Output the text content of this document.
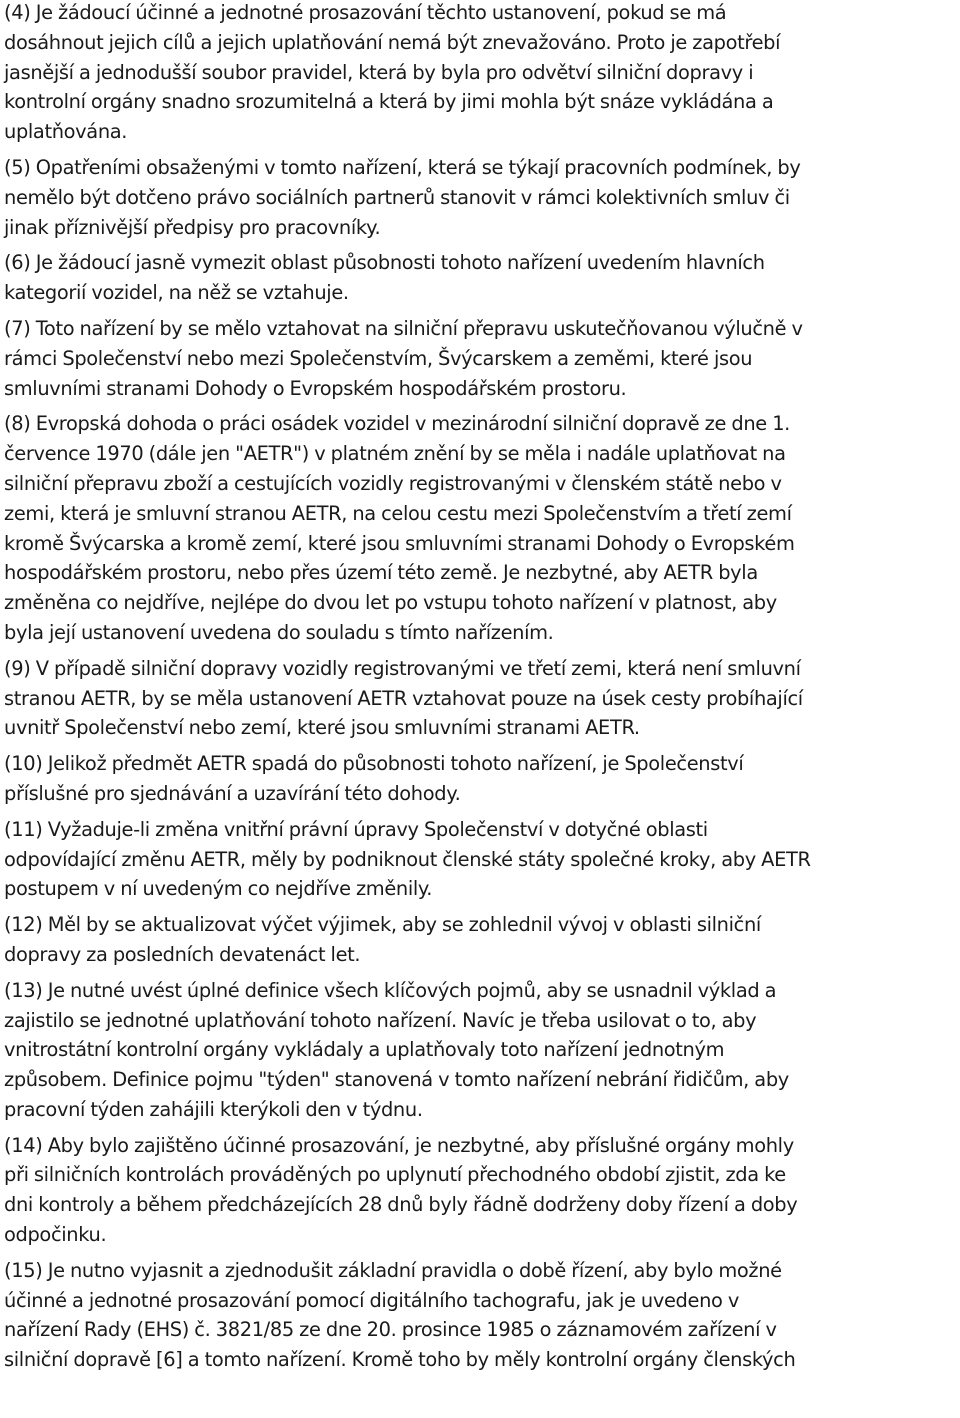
(4) Je žádoucí účinné a jednotné prosazování těchto ustanovení, pokud se má
dosáhnout jejich cílů a jejich uplatňování nemá být znevažováno. Proto je zapotřebí
jasnější a jednodušší soubor pravidel, která by byla pro odvětví silniční dopravy i
kontrolní orgány snadno srozumitelná a která by jimi mohla být snáze vykládána a
uplatňována.

(5) Opatřeními obsaženými v tomto nařízení, která se týkají pracovních podmínek, by
nemělo být dotčeno právo sociálních partnerů stanovit v rámci kolektivních smluv či
jinak příznivější předpisy pro pracovníky.

(6) Je žádoucí jasně vymezit oblast působnosti tohoto nařízení uvedením hlavních
kategorií vozidel, na něž se vztahuje.

(7) Toto nařízení by se mělo vztahovat na silniční přepravu uskutečňovanou výlučně v
rámci Společenství nebo mezi Společenstvím, Švýcarskem a zeměmi, které jsou
smluvními stranami Dohody o Evropském hospodářském prostoru.

(8) Evropská dohoda o práci osádek vozidel v mezinárodní silniční dopravě ze dne 1.
července 1970 (dále jen "AETR") v platném znění by se měla i nadále uplatňovat na
silniční přepravu zboží a cestujících vozidly registrovanými v členském státě nebo v
zemi, která je smluvní stranou AETR, na celou cestu mezi Společenstvím a třetí zemí
kromě Švýcarska a kromě zemí, které jsou smluvními stranami Dohody o Evropském
hospodářském prostoru, nebo přes území této země. Je nezbytné, aby AETR byla
změněna co nejdříve, nejlépe do dvou let po vstupu tohoto nařízení v platnost, aby
byla její ustanovení uvedena do souladu s tímto nařízením.

(9) V případě silniční dopravy vozidly registrovanými ve třetí zemi, která není smluvní
stranou AETR, by se měla ustanovení AETR vztahovat pouze na úsek cesty probíhající
uvnitř Společenství nebo zemí, které jsou smluvními stranami AETR.

(10) Jelikož předmět AETR spadá do působnosti tohoto nařízení, je Společenství
příslušné pro sjednávání a uzavírání této dohody.

(11) Vyžaduje-li změna vnitřní právní úpravy Společenství v dotyčné oblasti
odpovídající změnu AETR, měly by podniknout členské státy společné kroky, aby AETR
postupem v ní uvedeným co nejdříve změnily.

(12) Měl by se aktualizovat výčet výjimek, aby se zohlednil vývoj v oblasti silniční
dopravy za posledních devatenáct let.

(13) Je nutné uvést úplné definice všech klíčových pojmů, aby se usnadnil výklad a
zajistilo se jednotné uplatňování tohoto nařízení. Navíc je třeba usilovat o to, aby
vnitrostátní kontrolní orgány vykládaly a uplatňovaly toto nařízení jednotným
způsobem. Definice pojmu "týden" stanovená v tomto nařízení nebrání řidičům, aby
pracovní týden zahájili kterýkoli den v týdnu.

(14) Aby bylo zajištěno účinné prosazování, je nezbytné, aby příslušné orgány mohly
při silničních kontrolách prováděných po uplynutí přechodného období zjistit, zda ke
dni kontroly a během předcházejících 28 dnů byly řádně dodrženy doby řízení a doby
odpočinku.

(15) Je nutno vyjasnit a zjednodušit základní pravidla o době řízení, aby bylo možné
účinné a jednotné prosazování pomocí digitálního tachografu, jak je uvedeno v
nařízení Rady (EHS) č. 3821/85 ze dne 20. prosince 1985 o záznamovém zařízení v
silniční dopravě [6] a tomto nařízení. Kromě toho by měly kontrolní orgány členských
